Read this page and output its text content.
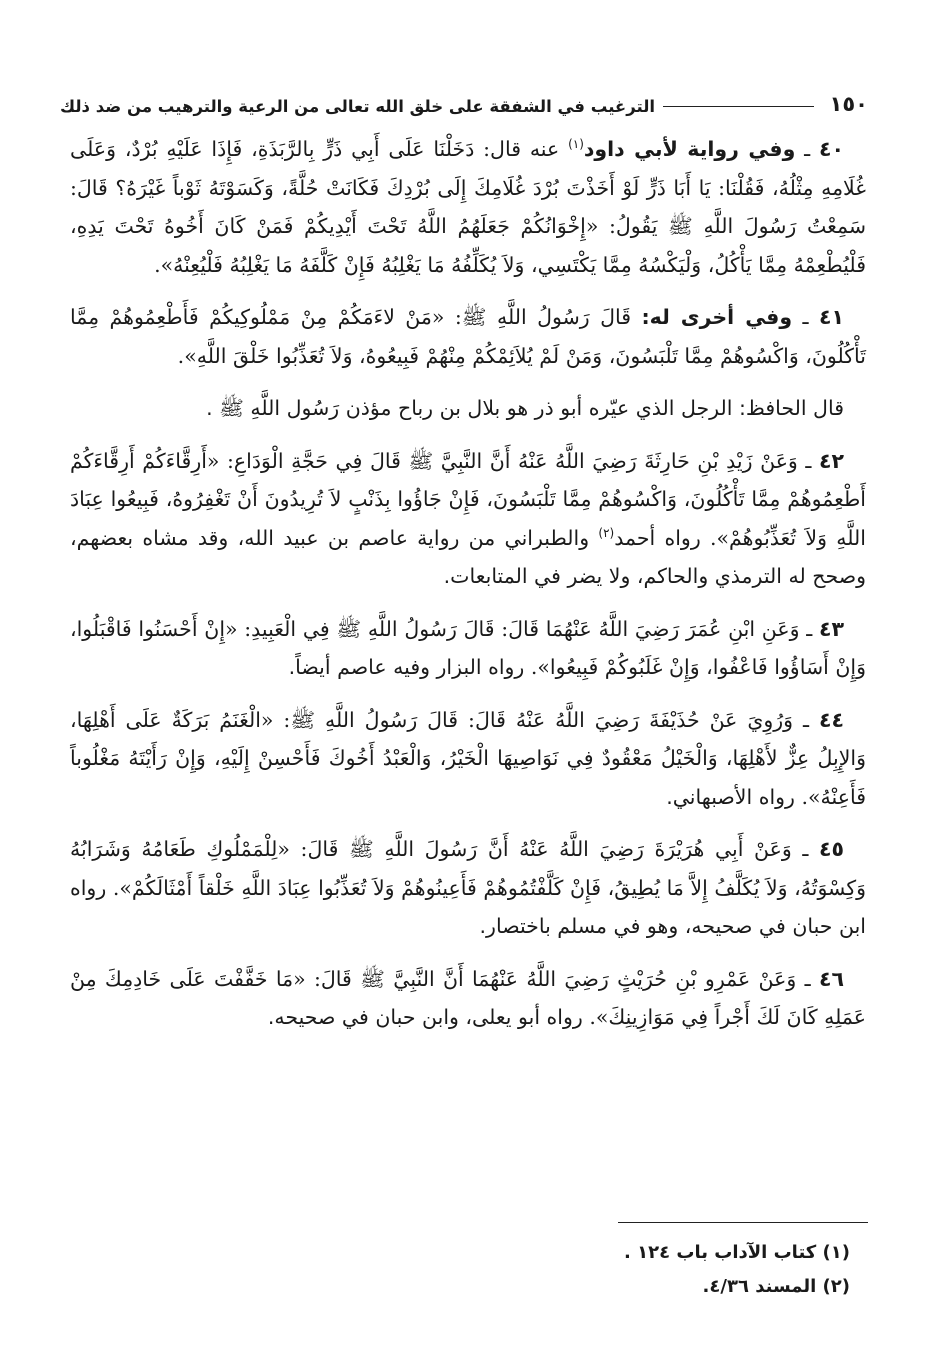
١٥٠
الترغيب في الشفقة على خلق الله تعالى من الرعية والترهيب من ضد ذلك

٤٠ ـ وفي رواية لأبي داود$^{(١)}$ عنه قال: دَخَلْنَا عَلَى أَبِي ذَرٍّ بِالرَّبَذَةِ، فَإِذَا عَلَيْهِ بُرْدٌ، وَعَلَى غُلَامِهِ مِثْلُهُ، فَقُلْنَا: يَا أَبَا ذَرٍّ لَوْ أَخَذْتَ بُرْدَ غُلَامِكَ إِلَى بُرْدِكَ فَكَانَتْ حُلَّةً، وَكَسَوْتَهُ ثَوْباً غَيْرَهُ؟ قَالَ: سَمِعْتُ رَسُولَ اللَّهِ ﷺ يَقُولُ: «إِخْوَانُكُمْ جَعَلَهُمُ اللَّهُ تَحْتَ أَيْدِيكُمْ فَمَنْ كَانَ أَخُوهُ تَحْتَ يَدِهِ، فَلْيُطْعِمْهُ مِمَّا يَأْكُلُ، وَلْيَكْسُهُ مِمَّا يَكْتَسِي، وَلاَ يُكَلِّفُهُ مَا يَغْلِبُهُ فَإِنْ كَلَّفَهُ مَا يَغْلِبُهُ فَلْيُعِنْهُ».

٤١ ـ وفي أخرى له: قَالَ رَسُولُ اللَّهِ ﷺ: «مَنْ لاءَمَكُمْ مِنْ مَمْلُوكِيكُمْ فَأَطْعِمُوهُمْ مِمَّا تَأْكُلُونَ، وَاكْسُوهُمْ مِمَّا تَلْبَسُونَ، وَمَنْ لَمْ يُلاَئِمْكُمْ مِنْهُمْ فَبِيعُوهُ، وَلاَ تُعَذِّبُوا خَلْقَ اللَّهِ».

قال الحافظ: الرجل الذي عيّره أبو ذر هو بلال بن رباح مؤذن رَسُول اللَّهِ ﷺ .

٤٢ ـ وَعَنْ زَيْدِ بْنِ حَارِثَةَ رَضِيَ اللَّهُ عَنْهُ أَنَّ النَّبِيَّ ﷺ قَالَ فِي حَجَّةِ الْوَدَاعِ: «أَرِقَّاءَكُمْ أَرِقَّاءَكُمْ أَطْعِمُوهُمْ مِمَّا تَأْكُلُونَ، وَاكْسُوهُمْ مِمَّا تَلْبَسُونَ، فَإِنْ جَاؤُوا بِذَنْبٍ لاَ تُرِيدُونَ أَنْ تَغْفِرُوهُ، فَبِيعُوا عِبَادَ اللَّهِ وَلاَ تُعَذِّبُوهُمْ». رواه أحمد$^{(٢)}$ والطبراني من رواية عاصم بن عبيد الله، وقد مشاه بعضهم، وصحح له الترمذي والحاكم، ولا يضر في المتابعات.

٤٣ ـ وَعَنِ ابْنِ عُمَرَ رَضِيَ اللَّهُ عَنْهُمَا قَالَ: قَالَ رَسُولُ اللَّهِ ﷺ فِي الْعَبِيدِ: «إِنْ أَحْسَنُوا فَاقْبَلُوا، وَإِنْ أَسَاؤُوا فَاعْفُوا، وَإِنْ غَلَبُوكُمْ فَبِيعُوا». رواه البزار وفيه عاصم أيضاً.

٤٤ ـ وَرُوِيَ عَنْ حُذَيْفَةَ رَضِيَ اللَّهُ عَنْهُ قَالَ: قَالَ رَسُولُ اللَّهِ ﷺ: «الْغَنَمُ بَرَكَةٌ عَلَى أَهْلِهَا، وَالإِبِلُ عِزٌّ لأَهْلِهَا، وَالْخَيْلُ مَعْقُودٌ فِي نَوَاصِيهَا الْخَيْرُ، وَالْعَبْدُ أَخُوكَ فَأَحْسِنْ إِلَيْهِ، وَإِنْ رَأَيْتَهُ مَغْلُوباً فَأَعِنْهُ». رواه الأصبهاني.

٤٥ ـ وَعَنْ أَبِي هُرَيْرَةَ رَضِيَ اللَّهُ عَنْهُ أَنَّ رَسُولَ اللَّهِ ﷺ قَالَ: «لِلْمَمْلُوكِ طَعَامُهُ وَشَرَابُهُ وَكِسْوَتُهُ، وَلاَ يُكَلَّفُ إِلاَّ مَا يُطِيقُ، فَإِنْ كَلَّفْتُمُوهُمْ فَأَعِينُوهُمْ وَلاَ تُعَذِّبُوا عِبَادَ اللَّهِ خَلْقاً أَمْثَالَكُمْ». رواه ابن حبان في صحيحه، وهو في مسلم باختصار.

٤٦ ـ وَعَنْ عَمْرِو بْنِ حُرَيْثٍ رَضِيَ اللَّهُ عَنْهُمَا أَنَّ النَّبِيَّ ﷺ قَالَ: «مَا خَفَّفْتَ عَلَى خَادِمِكَ مِنْ عَمَلِهِ كَانَ لَكَ أَجْراً فِي مَوَازِينِكَ». رواه أبو يعلى، وابن حبان في صحيحه.

(١) كتاب الآداب باب ١٢٤ .

(٢) المسند ٤/٣٦.
